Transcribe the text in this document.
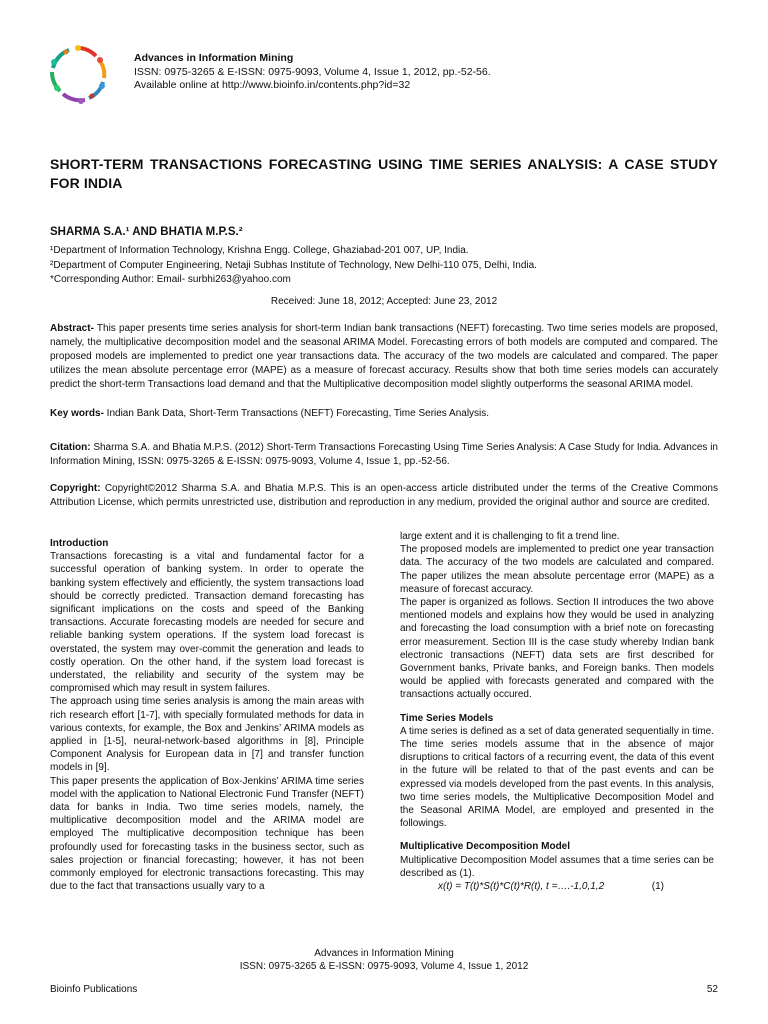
Advances in Information Mining
ISSN: 0975-3265 & E-ISSN: 0975-9093, Volume 4, Issue 1, 2012, pp.-52-56.
Available online at http://www.bioinfo.in/contents.php?id=32
SHORT-TERM TRANSACTIONS FORECASTING USING TIME SERIES ANALYSIS: A CASE STUDY FOR INDIA
SHARMA S.A.¹ AND BHATIA M.P.S.²
¹Department of Information Technology, Krishna Engg. College, Ghaziabad-201 007, UP, India.
²Department of Computer Engineering, Netaji Subhas Institute of Technology, New Delhi-110 075, Delhi, India.
*Corresponding Author: Email- surbhi263@yahoo.com
Received: June 18, 2012; Accepted: June 23, 2012
Abstract- This paper presents time series analysis for short-term Indian bank transactions (NEFT) forecasting. Two time series models are proposed, namely, the multiplicative decomposition model and the seasonal ARIMA Model. Forecasting errors of both models are computed and compared. The proposed models are implemented to predict one year transactions data. The accuracy of the two models are calculated and compared. The paper utilizes the mean absolute percentage error (MAPE) as a measure of forecast accuracy. Results show that both time series models can accurately predict the short-term Transactions load demand and that the Multiplicative decomposition model slightly outperforms the seasonal ARIMA model.
Key words- Indian Bank Data, Short-Term Transactions (NEFT) Forecasting, Time Series Analysis.
Citation: Sharma S.A. and Bhatia M.P.S. (2012) Short-Term Transactions Forecasting Using Time Series Analysis: A Case Study for India. Advances in Information Mining, ISSN: 0975-3265 & E-ISSN: 0975-9093, Volume 4, Issue 1, pp.-52-56.
Copyright: Copyright©2012 Sharma S.A. and Bhatia M.P.S. This is an open-access article distributed under the terms of the Creative Commons Attribution License, which permits unrestricted use, distribution and reproduction in any medium, provided the original author and source are credited.
Introduction

Transactions forecasting is a vital and fundamental factor for a successful operation of banking system. In order to operate the banking system effectively and efficiently, the system transactions load should be correctly predicted. Transaction demand forecasting has significant implications on the costs and speed of the Banking transactions. Accurate forecasting models are needed for secure and reliable banking system operations. If the system load forecast is overstated, the system may over-commit the generation and leads to costly operation. On the other hand, if the system load forecast is understated, the reliability and security of the system may be compromised which may result in system failures.

The approach using time series analysis is among the main areas with rich research effort [1-7], with specially formulated methods for data in various contexts, for example, the Box and Jenkins’ ARIMA models as applied in [1-5], neural-network-based algorithms in [8], Principle Component Analysis for European data in [7] and transfer function models in [9].

This paper presents the application of Box-Jenkins’ ARIMA time series model with the application to National Electronic Fund Transfer (NEFT) data for banks in India. Two time series models, namely, the multiplicative decomposition model and the ARIMA model are employed The multiplicative decomposition technique has been profoundly used for forecasting tasks in the business sector, such as sales projection or financial forecasting; however, it has not been commonly employed for electronic transactions forecasting. This may due to the fact that transactions usually vary to a

large extent and it is challenging to fit a trend line.

The proposed models are implemented to predict one year transaction data. The accuracy of the two models are calculated and compared. The paper utilizes the mean absolute percentage error (MAPE) as a measure of forecast accuracy.

The paper is organized as follows. Section II introduces the two above mentioned models and explains how they would be used in analyzing and forecasting the load consumption with a brief note on forecasting error measurement. Section III is the case study whereby Indian bank electronic transactions (NEFT) data sets are first described for Government banks, Private banks, and Foreign banks. Then models would be applied with forecasts generated and compared with the transactions actually occured.

Time Series Models

A time series is defined as a set of data generated sequentially in time. The time series models assume that in the absence of major disruptions to critical factors of a recurring event, the data of this event in the future will be related to that of the past events and can be expressed via models developed from the past events. In this analysis, two time series models, the Multiplicative Decomposition Model and the Seasonal ARIMA Model, are employed and presented in the followings.

Multiplicative Decomposition Model

Multiplicative Decomposition Model assumes that a time series can be described as (1).

x(t) = T(t)*S(t)*C(t)*R(t), t =….-1,0,1,2	(1)
Advances in Information Mining
ISSN: 0975-3265 & E-ISSN: 0975-9093, Volume 4, Issue 1, 2012
Bioinfo Publications	52
